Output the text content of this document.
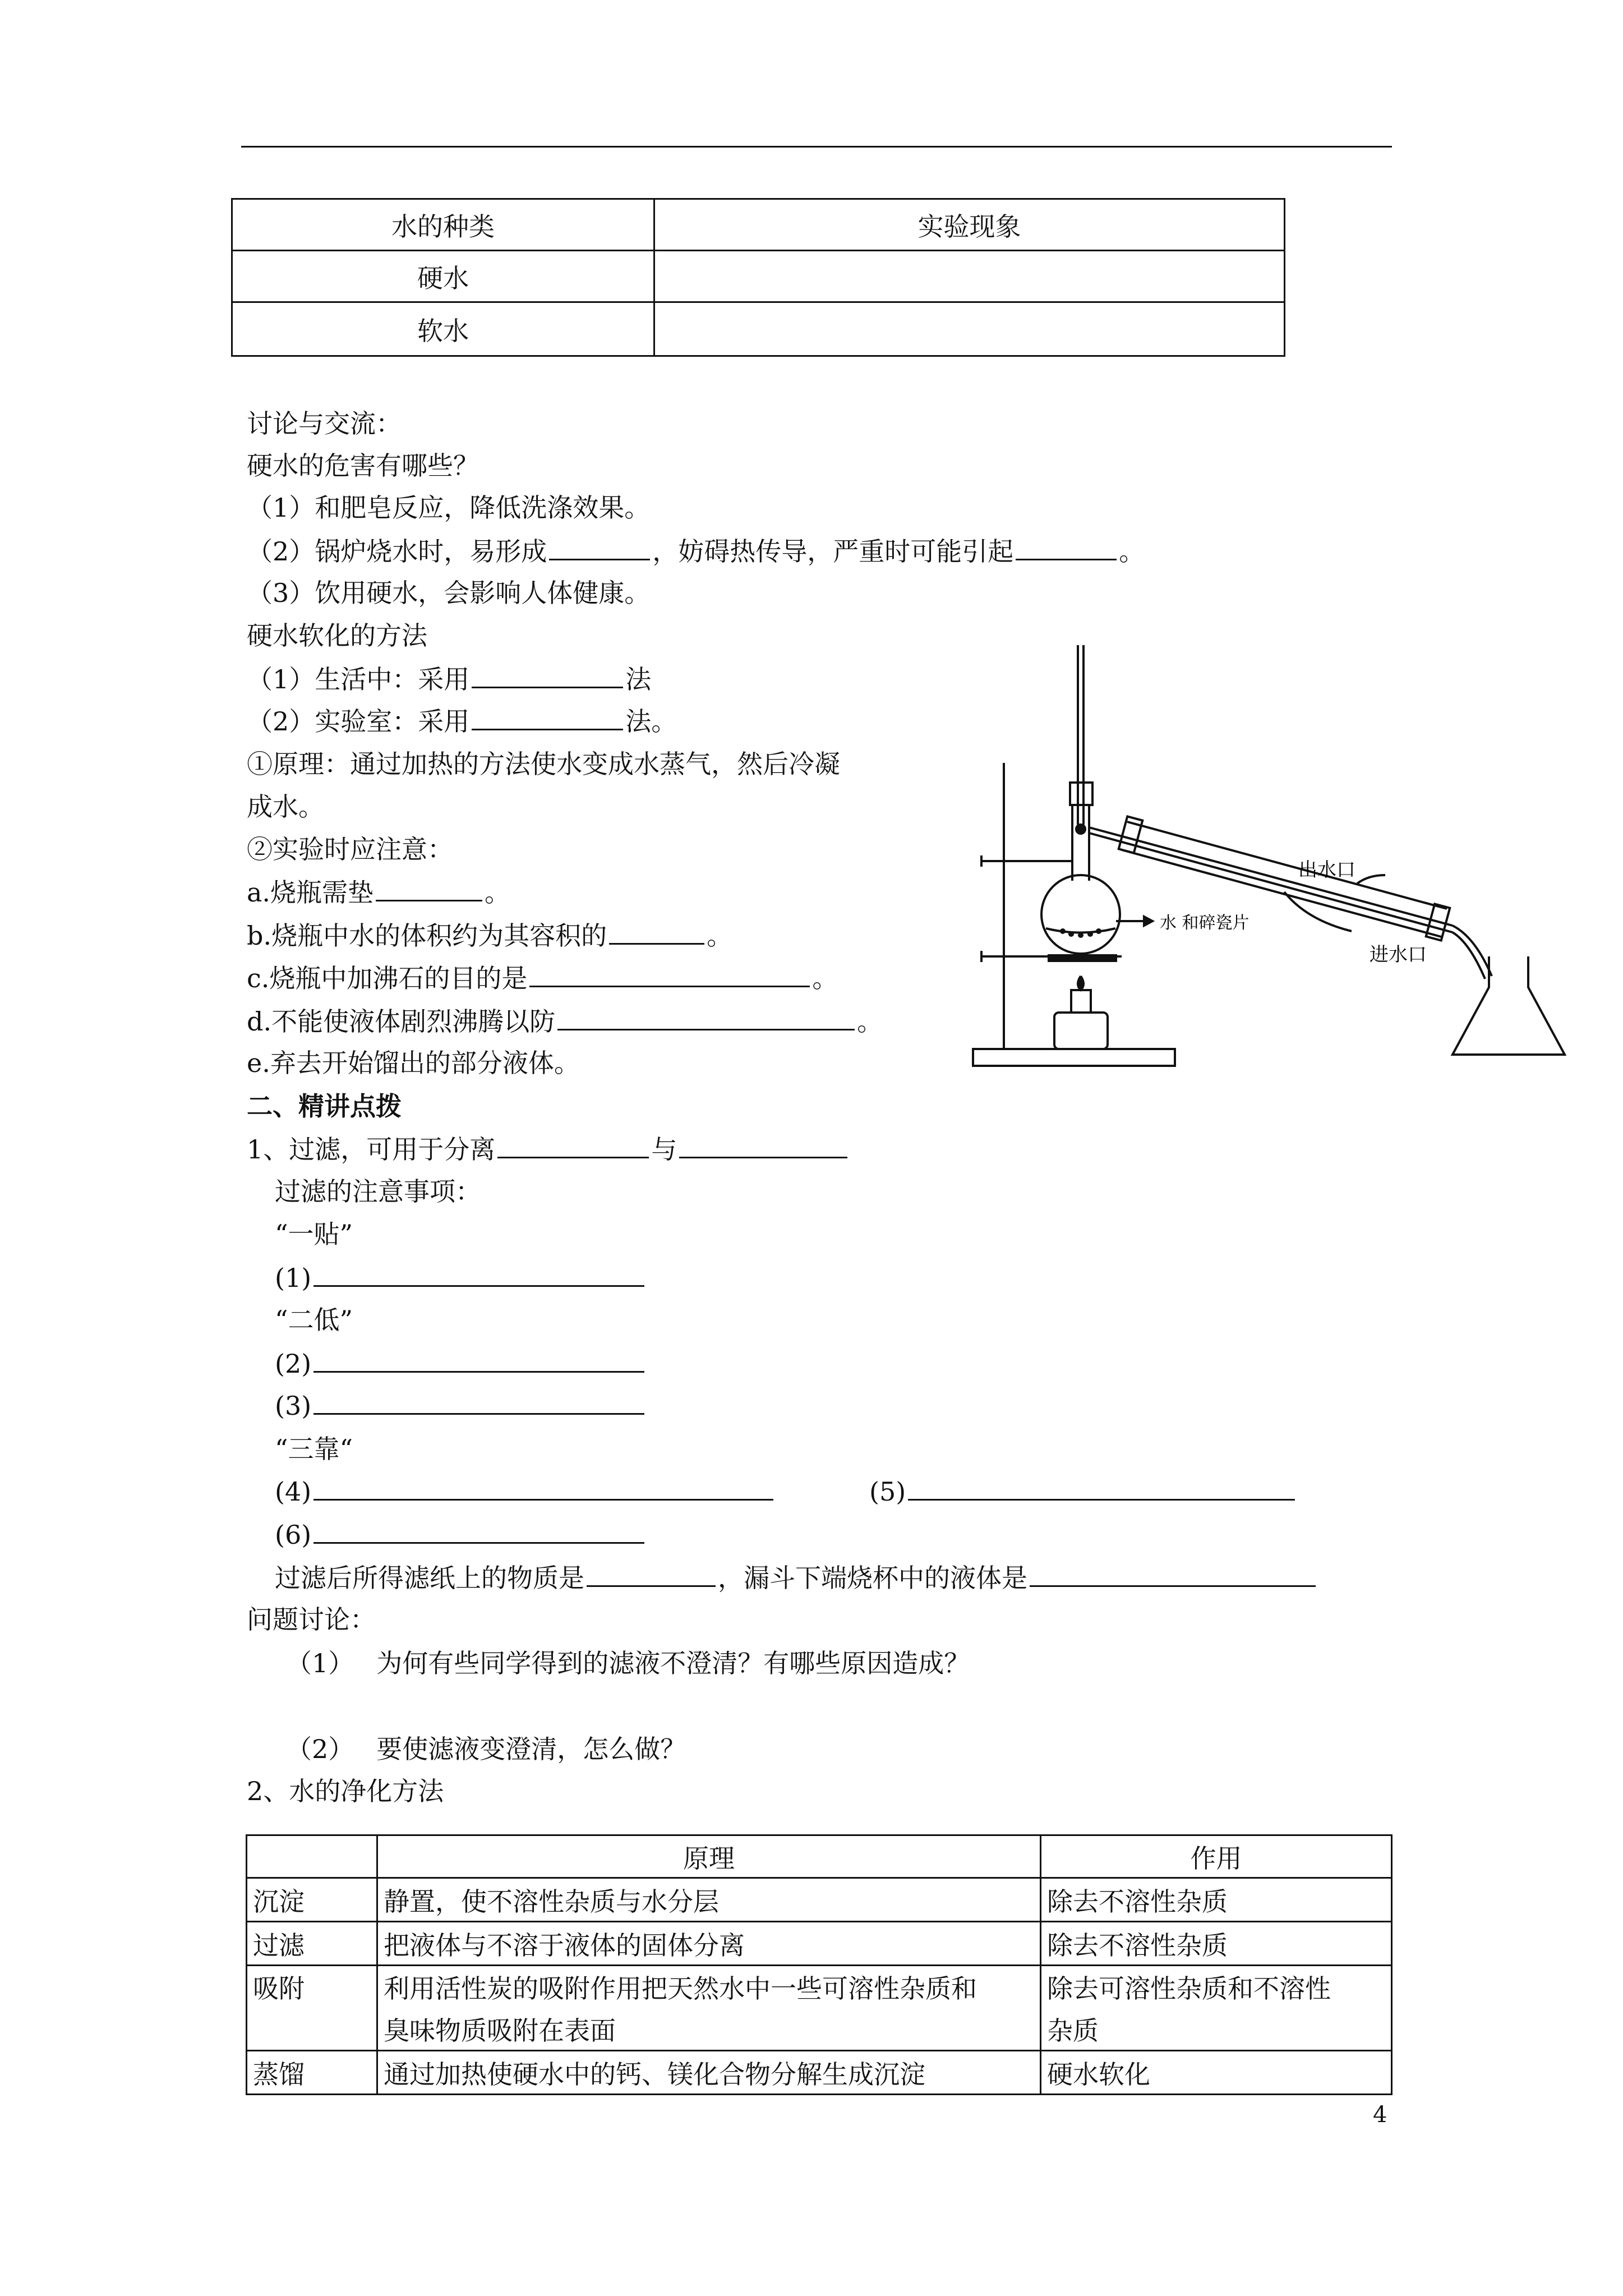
水的种类	实验现象
硬水	
软水	
讨论与交流：
硬水的危害有哪些？
（1）和肥皂反应，降低洗涤效果。
（2）锅炉烧水时，易形成	，妨碍热传导，严重时可能引起	。
（3）饮用硬水，会影响人体健康。
硬水软化的方法
（1）生活中：采用	法
（2）实验室：采用	法。
①原理：通过加热的方法使水变成水蒸气，然后冷凝
成水。
②实验时应注意：
a.烧瓶需垫	。
b.烧瓶中水的体积约为其容积的	。
c.烧瓶中加沸石的目的是	。
d.不能使液体剧烈沸腾以防	。
e.弃去开始馏出的部分液体。
出水口
进水口
水 和碎瓷片
二、精讲点拨
1、过滤，可用于分离	与
过滤的注意事项：
“一贴”
(1)
“二低”
(2)
(3)
“三靠“
(4)	(5)
(6)
过滤后所得滤纸上的物质是	，漏斗下端烧杯中的液体是
问题讨论：
（1） 为何有些同学得到的滤液不澄清？有哪些原因造成？
（2） 要使滤液变澄清，怎么做？
2、水的净化方法
	原理	作用
沉淀	静置，使不溶性杂质与水分层	除去不溶性杂质
过滤	把液体与不溶于液体的固体分离	除去不溶性杂质
吸附	利用活性炭的吸附作用把天然水中一些可溶性杂质和	除去可溶性杂质和不溶性
	臭味物质吸附在表面	杂质
蒸馏	通过加热使硬水中的钙、镁化合物分解生成沉淀	硬水软化
4
